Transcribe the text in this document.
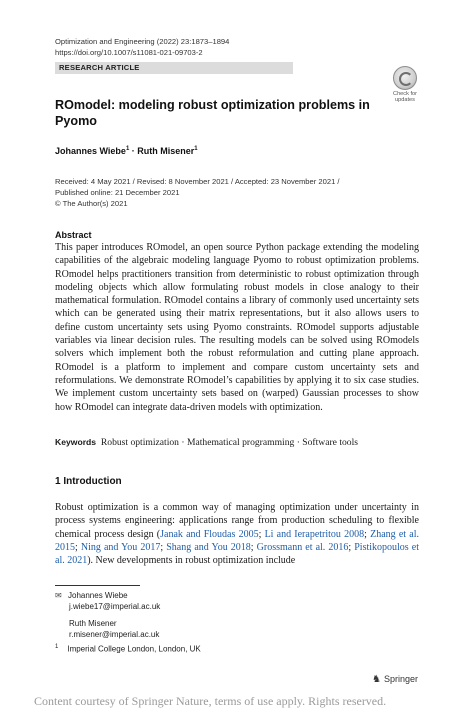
Optimization and Engineering (2022) 23:1873–1894
https://doi.org/10.1007/s11081-021-09703-2
RESEARCH ARTICLE
Check for
updates
ROmodel: modeling robust optimization problems in Pyomo
Johannes Wiebe$^1$ · Ruth Misener$^1$
Received: 4 May 2021 / Revised: 8 November 2021 / Accepted: 23 November 2021 /
Published online: 21 December 2021
© The Author(s) 2021
Abstract
This paper introduces ROmodel, an open source Python package extending the modeling capabilities of the algebraic modeling language Pyomo to robust optimization problems. ROmodel helps practitioners transition from deterministic to robust optimization through modeling objects which allow formulating robust models in close analogy to their mathematical formulation. ROmodel contains a library of commonly used uncertainty sets which can be generated using their matrix representations, but it also allows users to define custom uncertainty sets using Pyomo constraints. ROmodel supports adjustable variables via linear decision rules. The resulting models can be solved using ROmodels solvers which implement both the robust reformulation and cutting plane approach. ROmodel is a platform to implement and compare custom uncertainty sets and reformulations. We demonstrate ROmodel’s capabilities by applying it to six case studies. We implement custom uncertainty sets based on (warped) Gaussian processes to show how ROmodel can integrate data-driven models with optimization.
Keywords Robust optimization · Mathematical programming · Software tools
1 Introduction
Robust optimization is a common way of managing optimization under uncertainty in process systems engineering: applications range from production scheduling to flexible chemical process design (Janak and Floudas 2005; Li and Ierapetritou 2008; Zhang et al. 2015; Ning and You 2017; Shang and You 2018; Grossmann et al. 2016; Pistikopoulos et al. 2021). New developments in robust optimization include
✉ Johannes Wiebe
j.wiebe17@imperial.ac.uk
Ruth Misener
r.misener@imperial.ac.uk
$^1$ Imperial College London, London, UK
♞ Springer
Content courtesy of Springer Nature, terms of use apply. Rights reserved.
